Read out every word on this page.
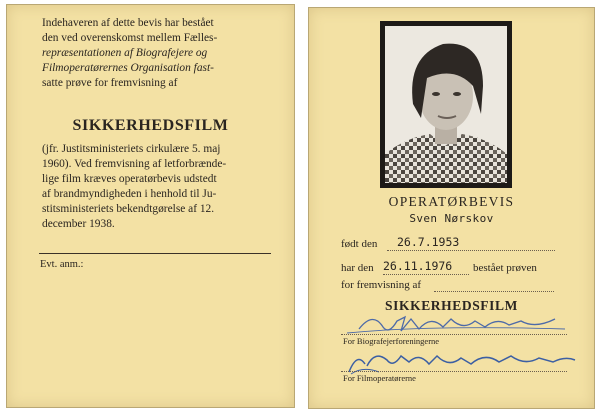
Indehaveren af dette bevis har bestået
den ved overenskomst mellem Fælles-
repræsentationen af Biografejere og
Filmoperatørernes Organisation fast-
satte prøve for fremvisning af
SIKKERHEDSFILM
(jfr. Justitsministeriets cirkulære 5. maj
1960). Ved fremvisning af letforbrænde-
lige film kræves operatørbevis udstedt
af brandmyndigheden i henhold til Ju-
stitsministeriets bekendtgørelse af 12.
december 1938.
Evt. anm.:
OPERATØRBEVIS
Sven Nørskov
født den 26.7.1953
har den 26.11.1976 bestået prøven
for fremvisning af
SIKKERHEDSFILM
For Biografejerforeningerne
For Filmoperatørerne
